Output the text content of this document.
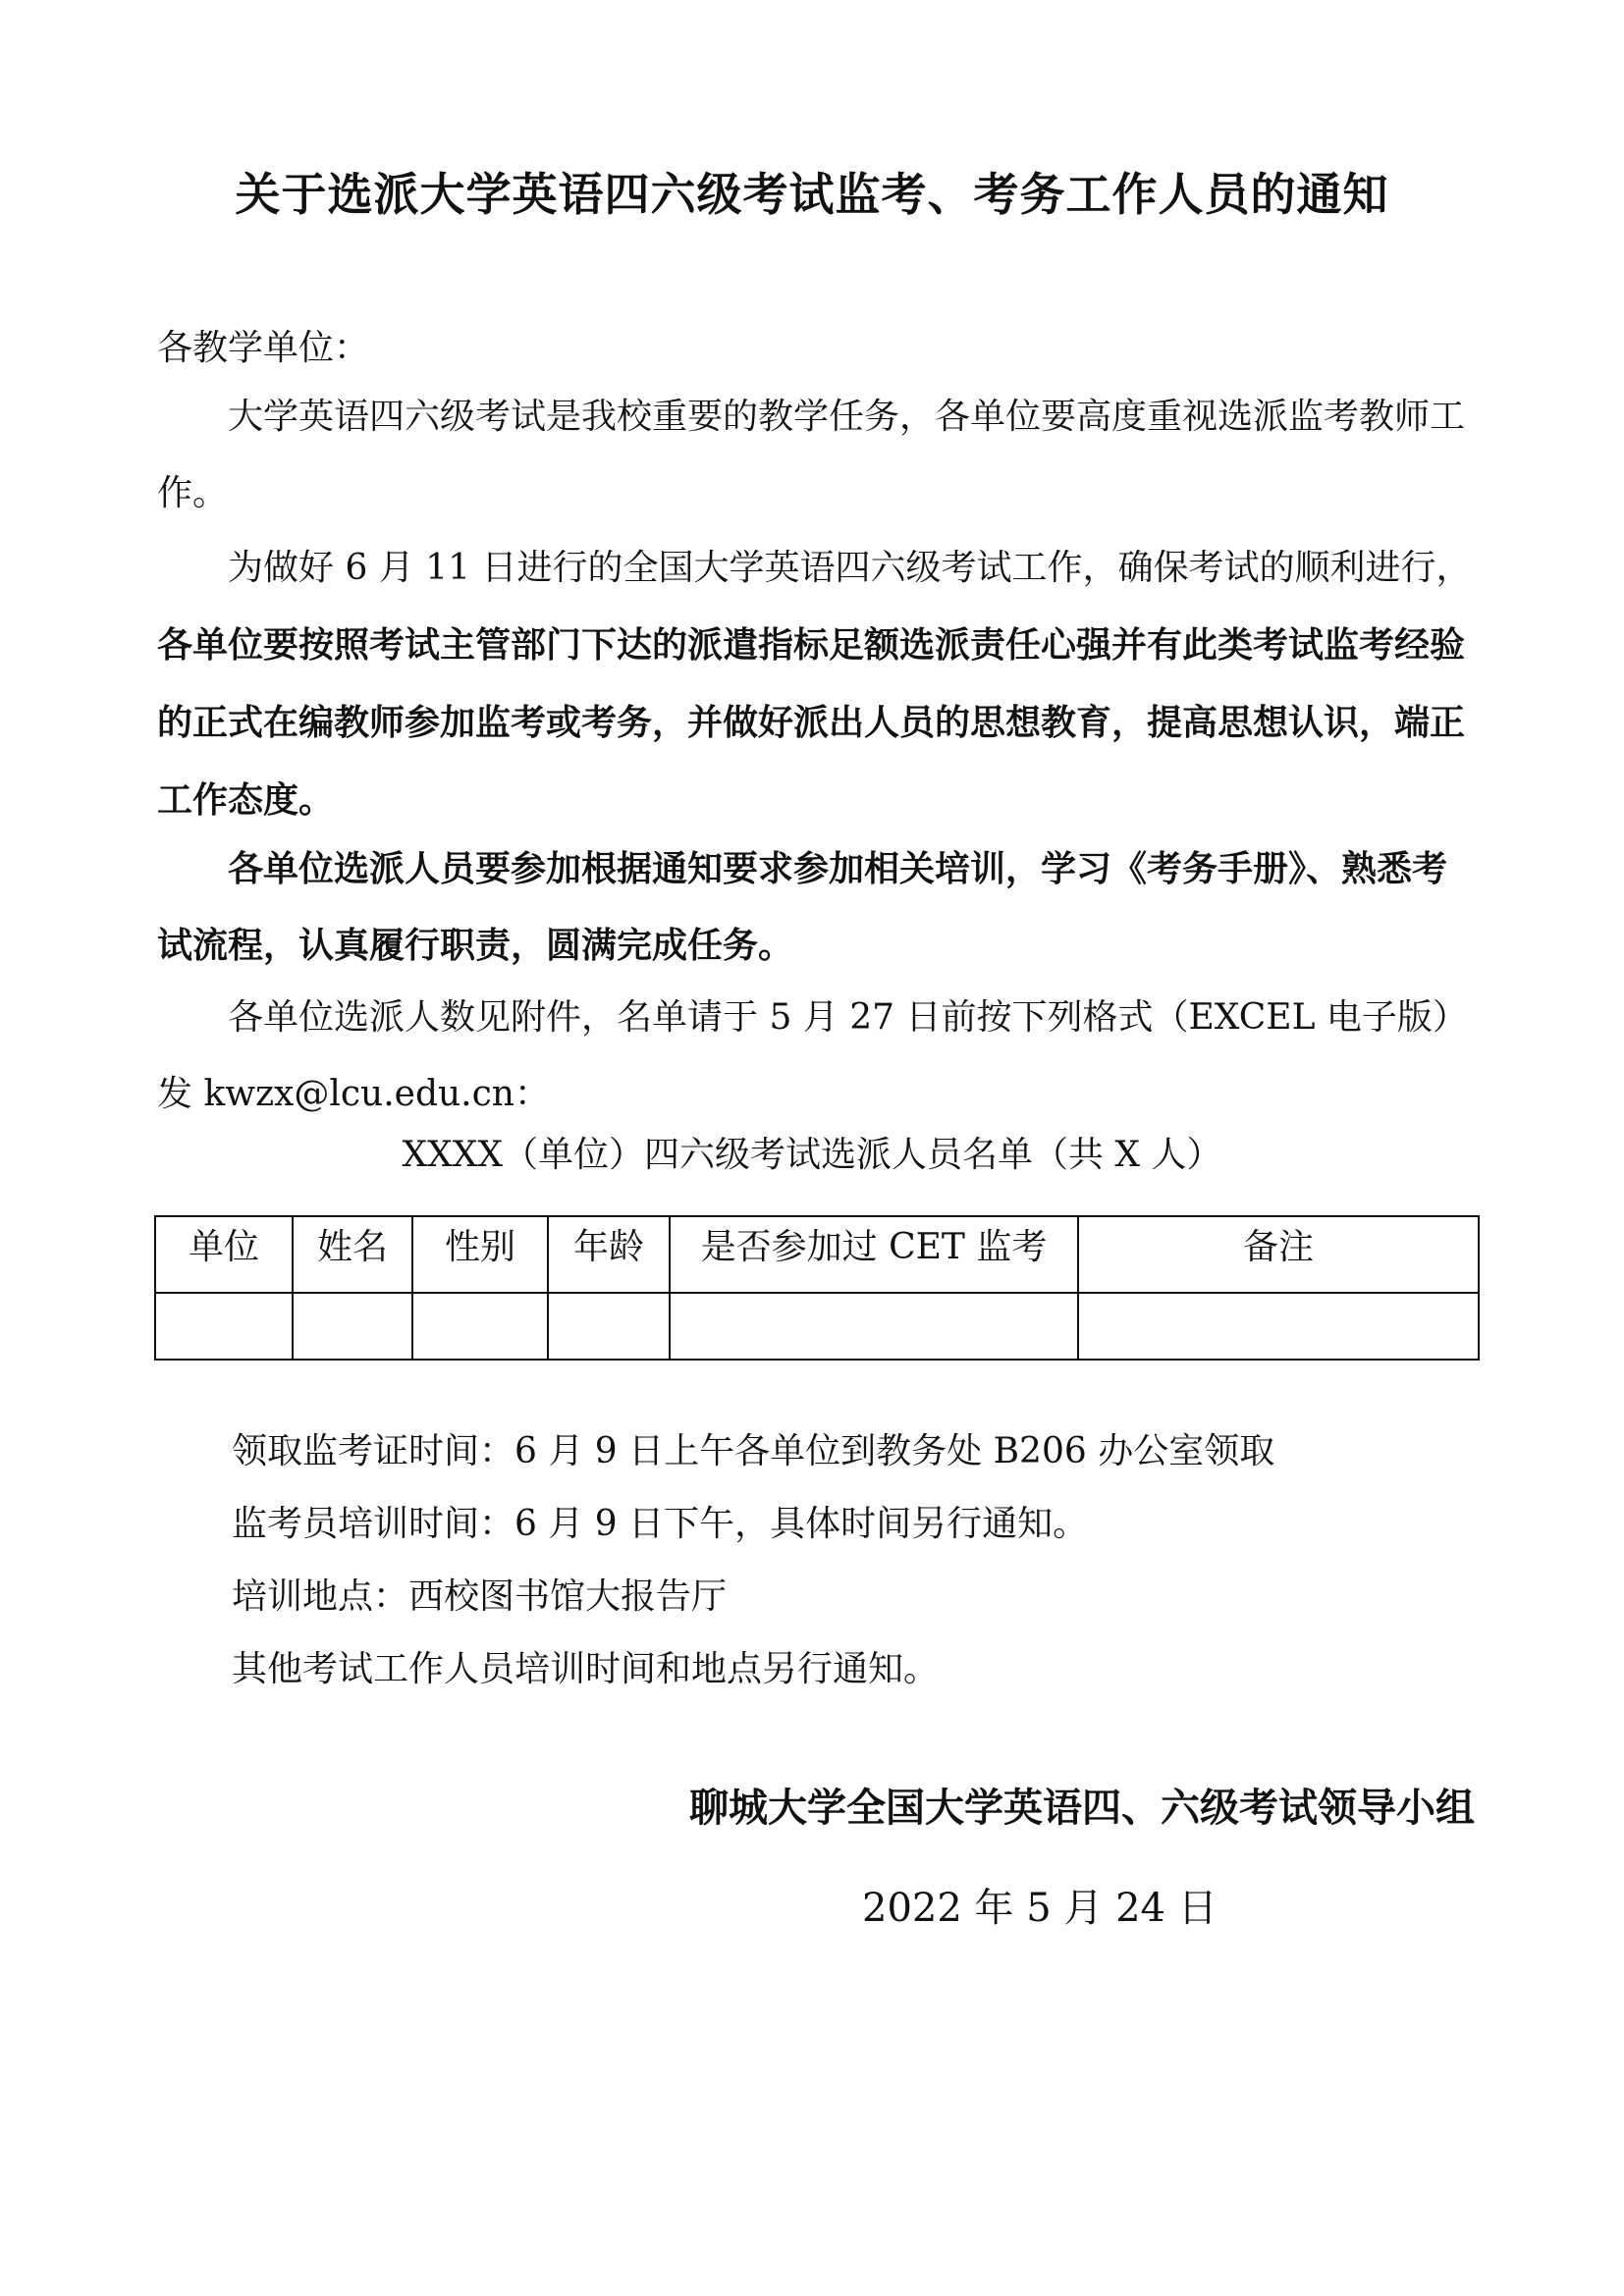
关于选派大学英语四六级考试监考、考务工作人员的通知
各教学单位：
大学英语四六级考试是我校重要的教学任务，各单位要高度重视选派监考教师工作。
为做好 6 月 11 日进行的全国大学英语四六级考试工作，确保考试的顺利进行，各单位要按照考试主管部门下达的派遣指标足额选派责任心强并有此类考试监考经验的正式在编教师参加监考或考务，并做好派出人员的思想教育，提高思想认识，端正工作态度。
各单位选派人员要参加根据通知要求参加相关培训，学习《考务手册》、熟悉考试流程，认真履行职责，圆满完成任务。
各单位选派人数见附件，名单请于 5 月 27 日前按下列格式（EXCEL 电子版）发 kwzx@lcu.edu.cn：
XXXX（单位）四六级考试选派人员名单（共 X 人）
单位	姓名	性别	年龄	是否参加过 CET 监考	备注

领取监考证时间：6 月 9 日上午各单位到教务处 B206 办公室领取
监考员培训时间：6 月 9 日下午，具体时间另行通知。
培训地点：西校图书馆大报告厅
其他考试工作人员培训时间和地点另行通知。
聊城大学全国大学英语四、六级考试领导小组
2022 年 5 月 24 日
